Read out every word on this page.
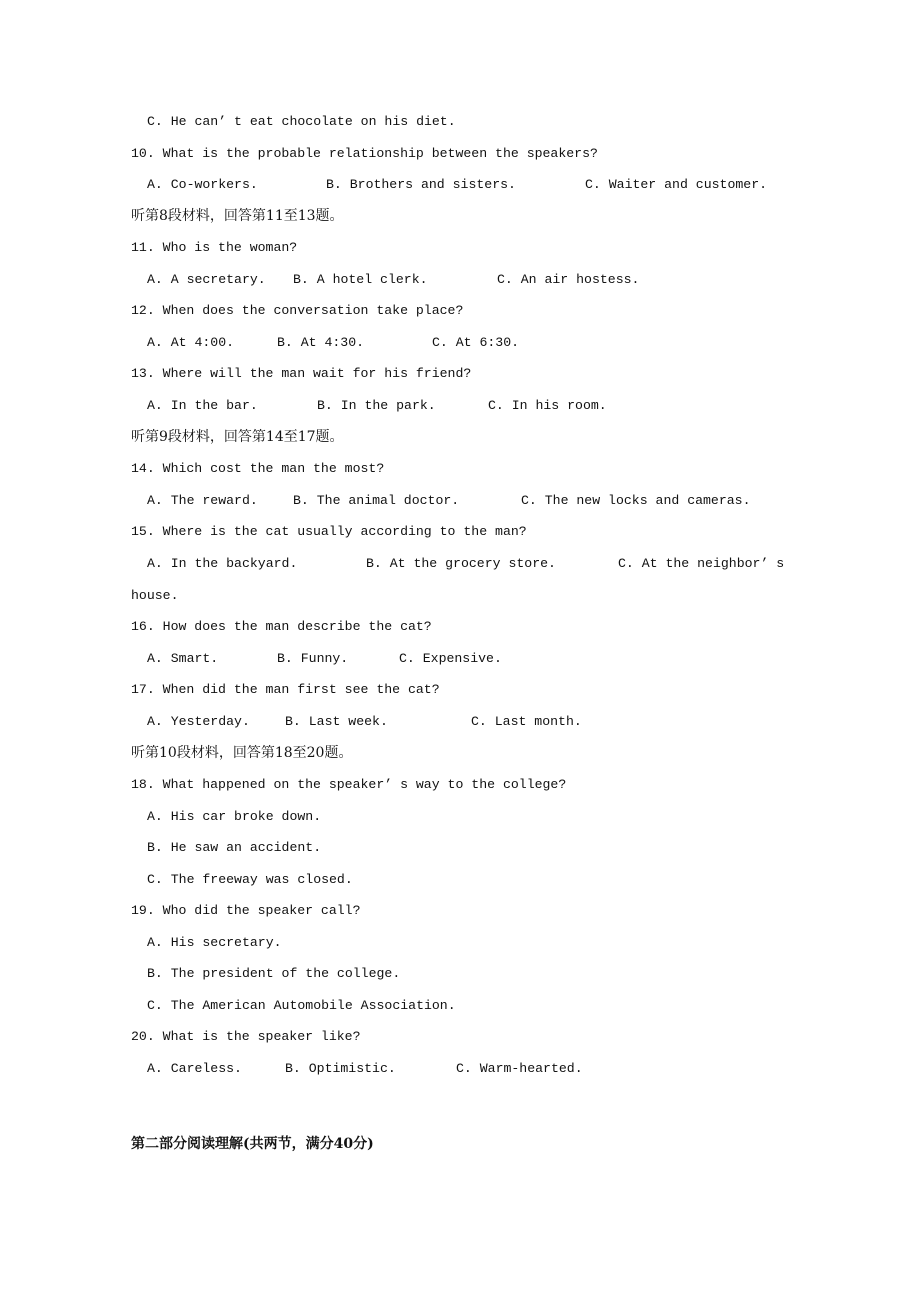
C. He can’ t eat chocolate on his diet.
10. What is the probable relationship between the speakers?
A. Co-workers.	B. Brothers and sisters.	C. Waiter and customer.
听第8段材料，回答第11至13题。
11. Who is the woman?
A. A secretary. B. A hotel clerk.	C. An air hostess.
12. When does the conversation take place?
A. At 4:00.	B. At 4:30.	C. At 6:30.
13. Where will the man wait for his friend?
A. In the bar.	B. In the park.	C. In his room.
听第9段材料，回答第14至17题。
14. Which cost the man the most?
A. The reward.	B. The animal doctor.	C. The new locks and cameras.
15. Where is the cat usually according to the man?
A. In the backyard.	B. At the grocery store.	C. At the neighbor’ s
house.
16. How does the man describe the cat?
A. Smart.	B. Funny.	C. Expensive.
17. When did the man first see the cat?
A. Yesterday.	B. Last week.	C. Last month.
听第10段材料，回答第18至20题。
18. What happened on the speaker’ s way to the college?
A. His car broke down.
B. He saw an accident.
C. The freeway was closed.
19. Who did the speaker call?
A. His secretary.
B. The president of the college.
C. The American Automobile Association.
20. What is the speaker like?
A. Careless.	B. Optimistic.	C. Warm-hearted.
第二部分阅读理解(共两节，满分40分)
